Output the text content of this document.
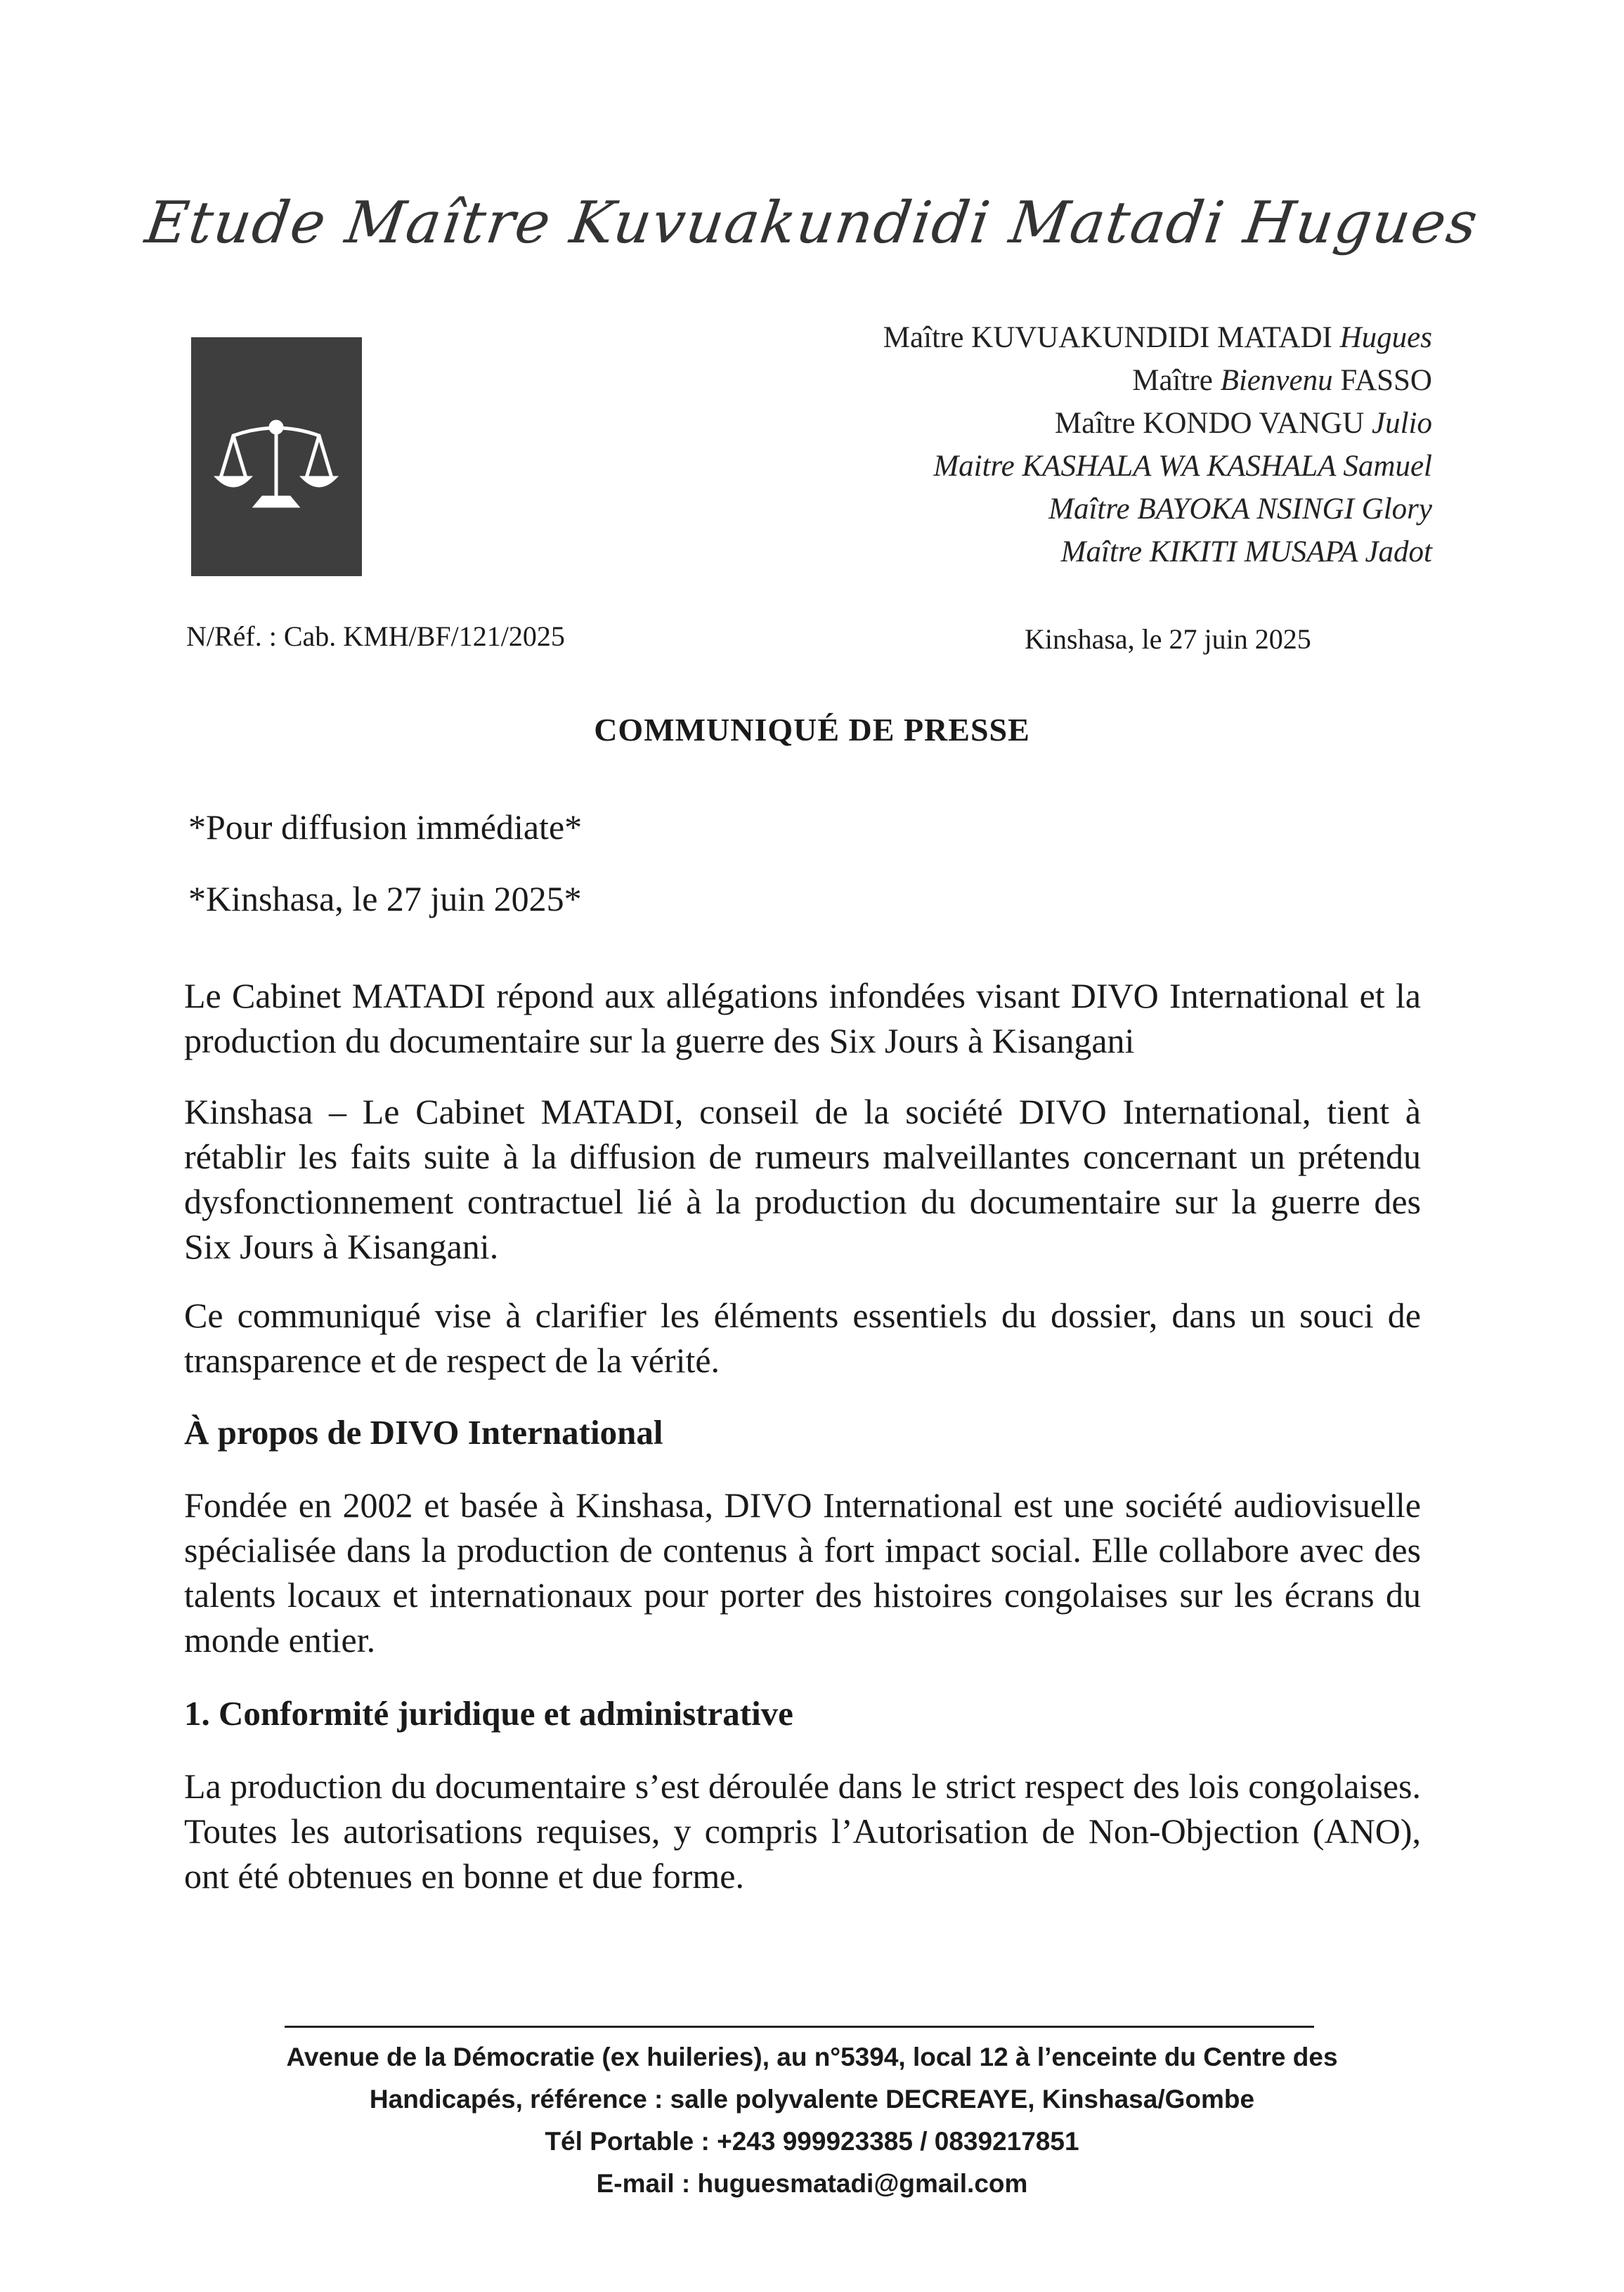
Etude Maître Kuvuakundidi Matadi Hugues
Maître KUVUAKUNDIDI MATADI Hugues
Maître Bienvenu FASSO
Maître KONDO VANGU Julio
Maitre KASHALA WA KASHALA Samuel
Maître BAYOKA NSINGI Glory
Maître KIKITI MUSAPA Jadot
N/Réf. : Cab. KMH/BF/121/2025	Kinshasa, le 27 juin 2025
COMMUNIQUÉ DE PRESSE
*Pour diffusion immédiate*
*Kinshasa, le 27 juin 2025*
Le Cabinet MATADI répond aux allégations infondées visant DIVO International et la production du documentaire sur la guerre des Six Jours à Kisangani
Kinshasa – Le Cabinet MATADI, conseil de la société DIVO International, tient à rétablir les faits suite à la diffusion de rumeurs malveillantes concernant un prétendu dysfonctionnement contractuel lié à la production du documentaire sur la guerre des Six Jours à Kisangani.
Ce communiqué vise à clarifier les éléments essentiels du dossier, dans un souci de transparence et de respect de la vérité.
À propos de DIVO International
Fondée en 2002 et basée à Kinshasa, DIVO International est une société audiovisuelle spécialisée dans la production de contenus à fort impact social. Elle collabore avec des talents locaux et internationaux pour porter des histoires congolaises sur les écrans du monde entier.
1. Conformité juridique et administrative
La production du documentaire s’est déroulée dans le strict respect des lois congolaises. Toutes les autorisations requises, y compris l’Autorisation de Non-Objection (ANO), ont été obtenues en bonne et due forme.
Avenue de la Démocratie (ex huileries), au n°5394, local 12 à l’enceinte du Centre des
Handicapés, référence : salle polyvalente DECREAYE, Kinshasa/Gombe
Tél Portable : +243 999923385 / 0839217851
E-mail : huguesmatadi@gmail.com
